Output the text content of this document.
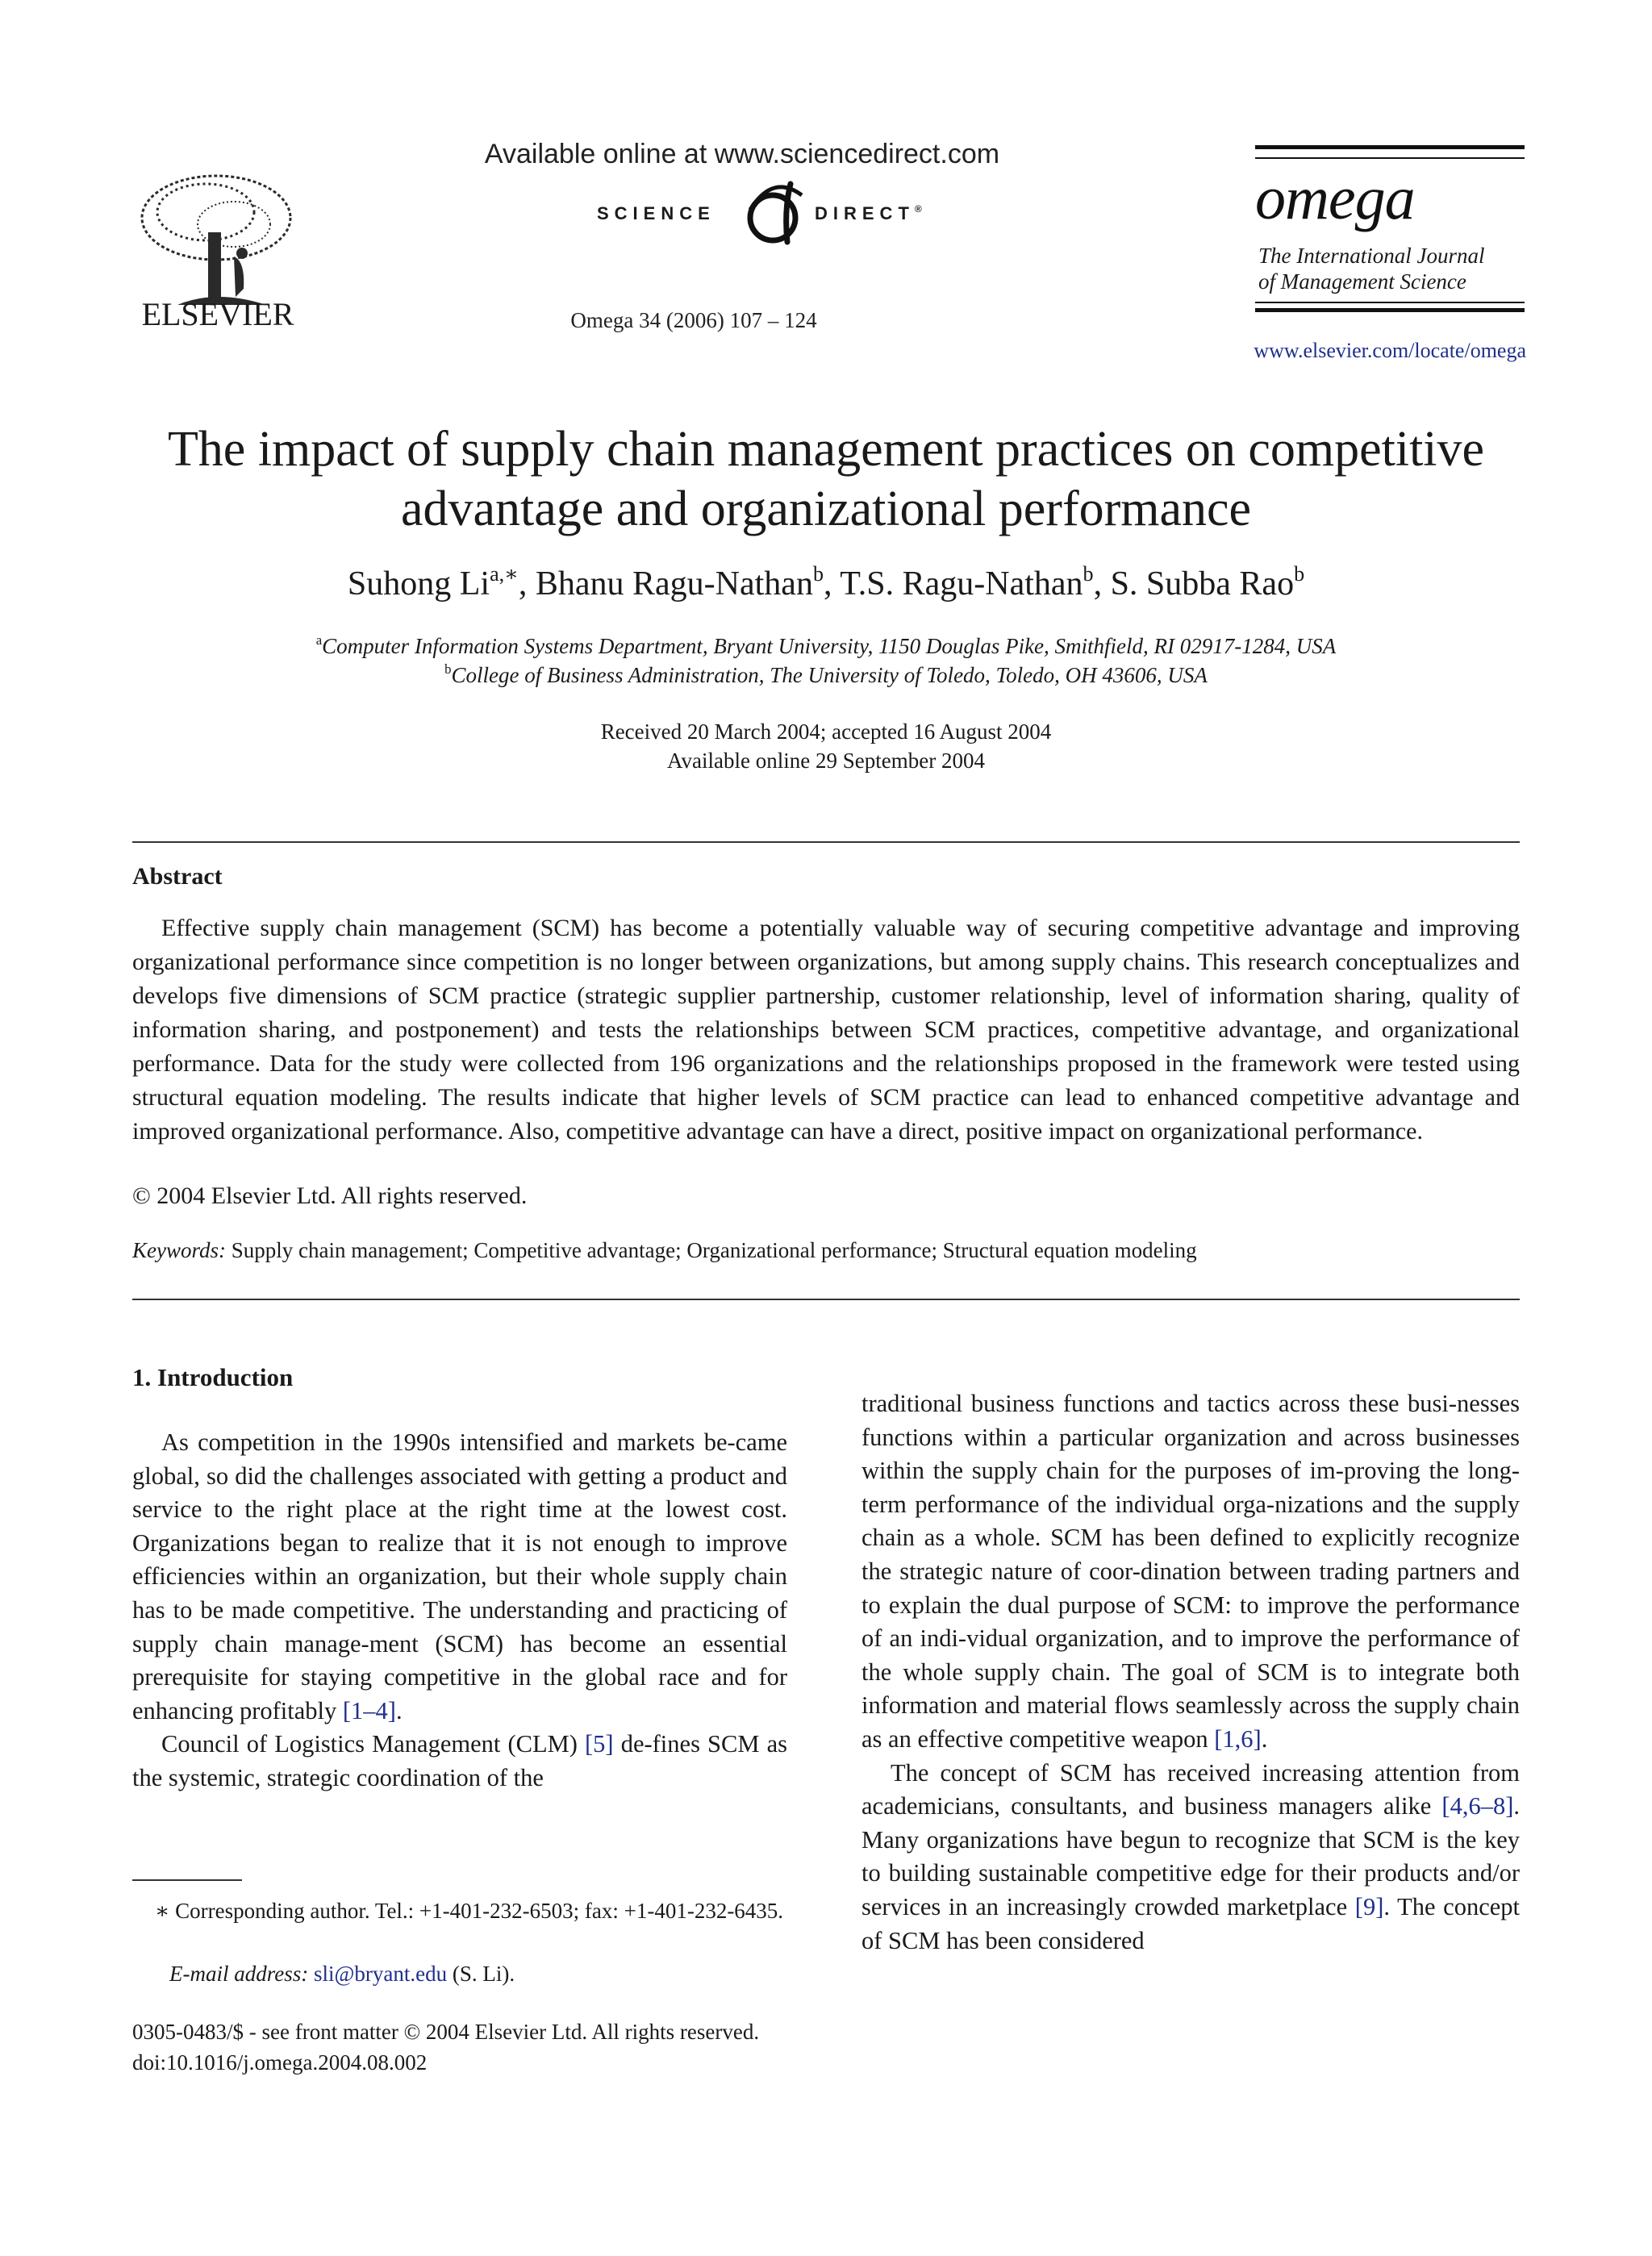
ELSEVIER
Available online at www.sciencedirect.com
SCIENCE	DIRECT®
Omega 34 (2006) 107 – 124
omega
The International Journal
of Management Science
www.elsevier.com/locate/omega
The impact of supply chain management practices on competitive
advantage and organizational performance
Suhong $Li^{a,∗}$, Bhanu Ragu-Nathan$^b$, T.S. Ragu-Nathan$^b$, S. Subba Rao$^b$
$^a$Computer Information Systems Department, Bryant University, 1150 Douglas Pike, Smithfield, RI 02917-1284, USA
$^b$College of Business Administration, The University of Toledo, Toledo, OH 43606, USA
Received 20 March 2004; accepted 16 August 2004
Available online 29 September 2004
Abstract
Effective supply chain management (SCM) has become a potentially valuable way of securing competitive advantage and improving organizational performance since competition is no longer between organizations, but among supply chains. This research conceptualizes and develops five dimensions of SCM practice (strategic supplier partnership, customer relationship, level of information sharing, quality of information sharing, and postponement) and tests the relationships between SCM practices, competitive advantage, and organizational performance. Data for the study were collected from 196 organizations and the relationships proposed in the framework were tested using structural equation modeling. The results indicate that higher levels of SCM practice can lead to enhanced competitive advantage and improved organizational performance. Also, competitive advantage can have a direct, positive impact on organizational performance.
© 2004 Elsevier Ltd. All rights reserved.
Keywords: Supply chain management; Competitive advantage; Organizational performance; Structural equation modeling
1. Introduction

As competition in the 1990s intensified and markets be-came global, so did the challenges associated with getting a product and service to the right place at the right time at the lowest cost. Organizations began to realize that it is not enough to improve efficiencies within an organization, but their whole supply chain has to be made competitive. The understanding and practicing of supply chain manage-ment (SCM) has become an essential prerequisite for staying competitive in the global race and for enhancing profitably [1–4].

Council of Logistics Management (CLM) [5] de-fines SCM as the systemic, strategic coordination of the

traditional business functions and tactics across these busi-nesses functions within a particular organization and across businesses within the supply chain for the purposes of im-proving the long-term performance of the individual orga-nizations and the supply chain as a whole. SCM has been defined to explicitly recognize the strategic nature of coor-dination between trading partners and to explain the dual purpose of SCM: to improve the performance of an indi-vidual organization, and to improve the performance of the whole supply chain. The goal of SCM is to integrate both information and material flows seamlessly across the supply chain as an effective competitive weapon [1,6].

The concept of SCM has received increasing attention from academicians, consultants, and business managers alike [4,6–8]. Many organizations have begun to recognize that SCM is the key to building sustainable competitive edge for their products and/or services in an increasingly crowded marketplace [9]. The concept of SCM has been considered

∗ Corresponding author. Tel.: +1-401-232-6503; fax: +1-401-232-6435.
E-mail address: sli@bryant.edu (S. Li).
0305-0483/$ - see front matter © 2004 Elsevier Ltd. All rights reserved.
doi:10.1016/j.omega.2004.08.002
